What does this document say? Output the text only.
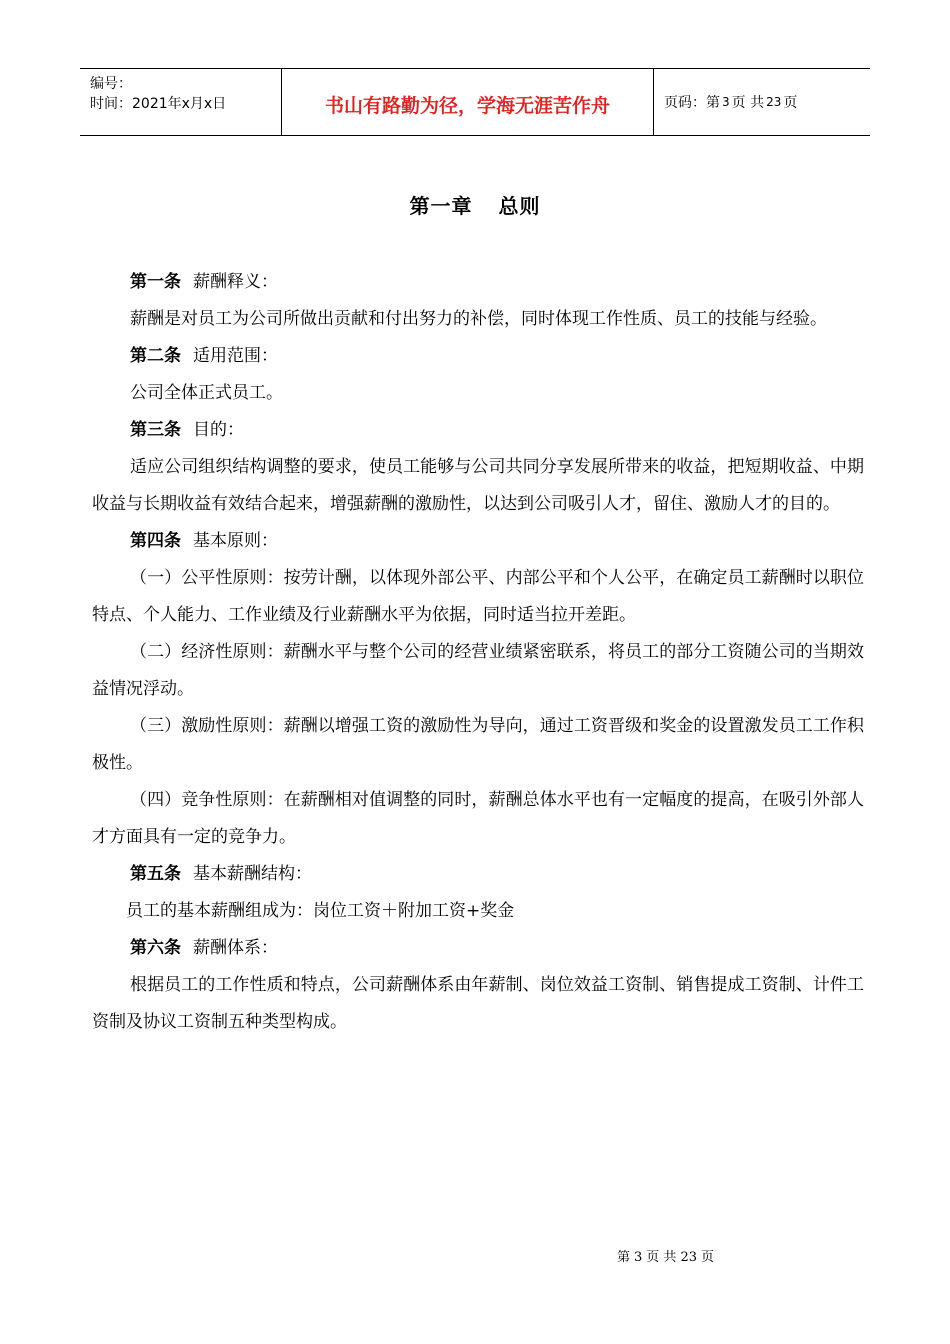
编号：
时间：2021年x月x日	书山有路勤为径，学海无涯苦作舟	页码：第 3 页 共 23 页
第一章 总则

第一条 薪酬释义：

薪酬是对员工为公司所做出贡献和付出努力的补偿，同时体现工作性质、员工的技能与经验。

第二条 适用范围：

公司全体正式员工。

第三条 目的：

适应公司组织结构调整的要求，使员工能够与公司共同分享发展所带来的收益，把短期收益、中期收益与长期收益有效结合起来，增强薪酬的激励性，以达到公司吸引人才，留住、激励人才的目的。

第四条 基本原则：

（一）公平性原则：按劳计酬，以体现外部公平、内部公平和个人公平，在确定员工薪酬时以职位特点、个人能力、工作业绩及行业薪酬水平为依据，同时适当拉开差距。

（二）经济性原则：薪酬水平与整个公司的经营业绩紧密联系，将员工的部分工资随公司的当期效益情况浮动。

（三）激励性原则：薪酬以增强工资的激励性为导向，通过工资晋级和奖金的设置激发员工工作积极性。

（四）竞争性原则：在薪酬相对值调整的同时，薪酬总体水平也有一定幅度的提高，在吸引外部人才方面具有一定的竞争力。

第五条 基本薪酬结构：

员工的基本薪酬组成为：岗位工资＋附加工资+奖金

第六条 薪酬体系：

根据员工的工作性质和特点，公司薪酬体系由年薪制、岗位效益工资制、销售提成工资制、计件工资制及协议工资制五种类型构成。

第 3 页 共 23 页
